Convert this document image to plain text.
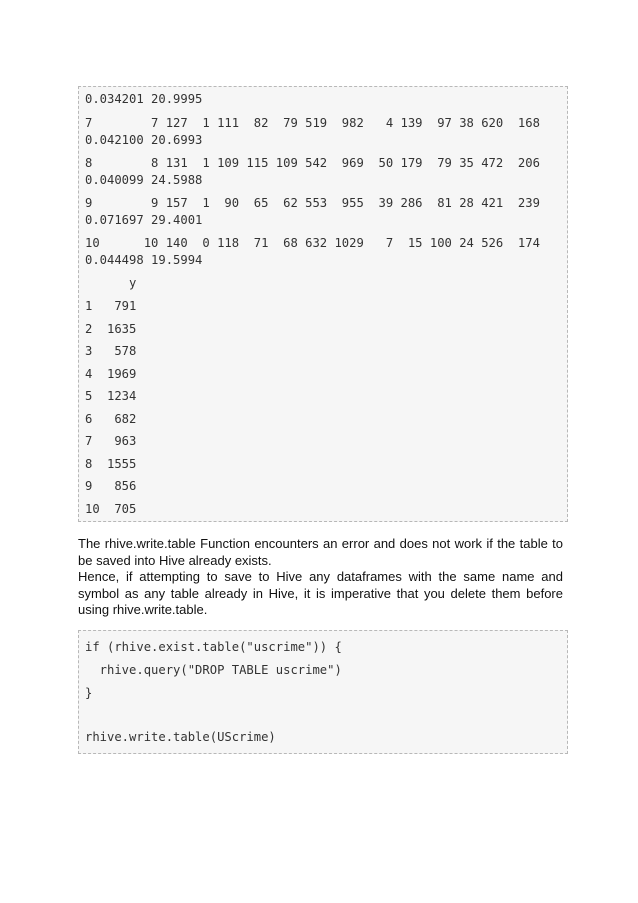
0.034201 20.9995
7        7 127  1 111  82  79 519  982   4 139  97 38 620  168
0.042100 20.6993
8        8 131  1 109 115 109 542  969  50 179  79 35 472  206
0.040099 24.5988
9        9 157  1  90  65  62 553  955  39 286  81 28 421  239
0.071697 29.4001
10      10 140  0 118  71  68 632 1029   7  15 100 24 526  174
0.044498 19.5994
y
1   791
2  1635
3   578
4  1969
5  1234
6   682
7   963
8  1555
9   856
10  705

The rhive.write.table Function encounters an error and does not work if the table to be saved into Hive already exists.

Hence, if attempting to save to Hive any dataframes with the same name and symbol as any table already in Hive, it is imperative that you delete them before using rhive.write.table.

if (rhive.exist.table("uscrime")) {
rhive.query("DROP TABLE uscrime")
}
rhive.write.table(UScrime)
